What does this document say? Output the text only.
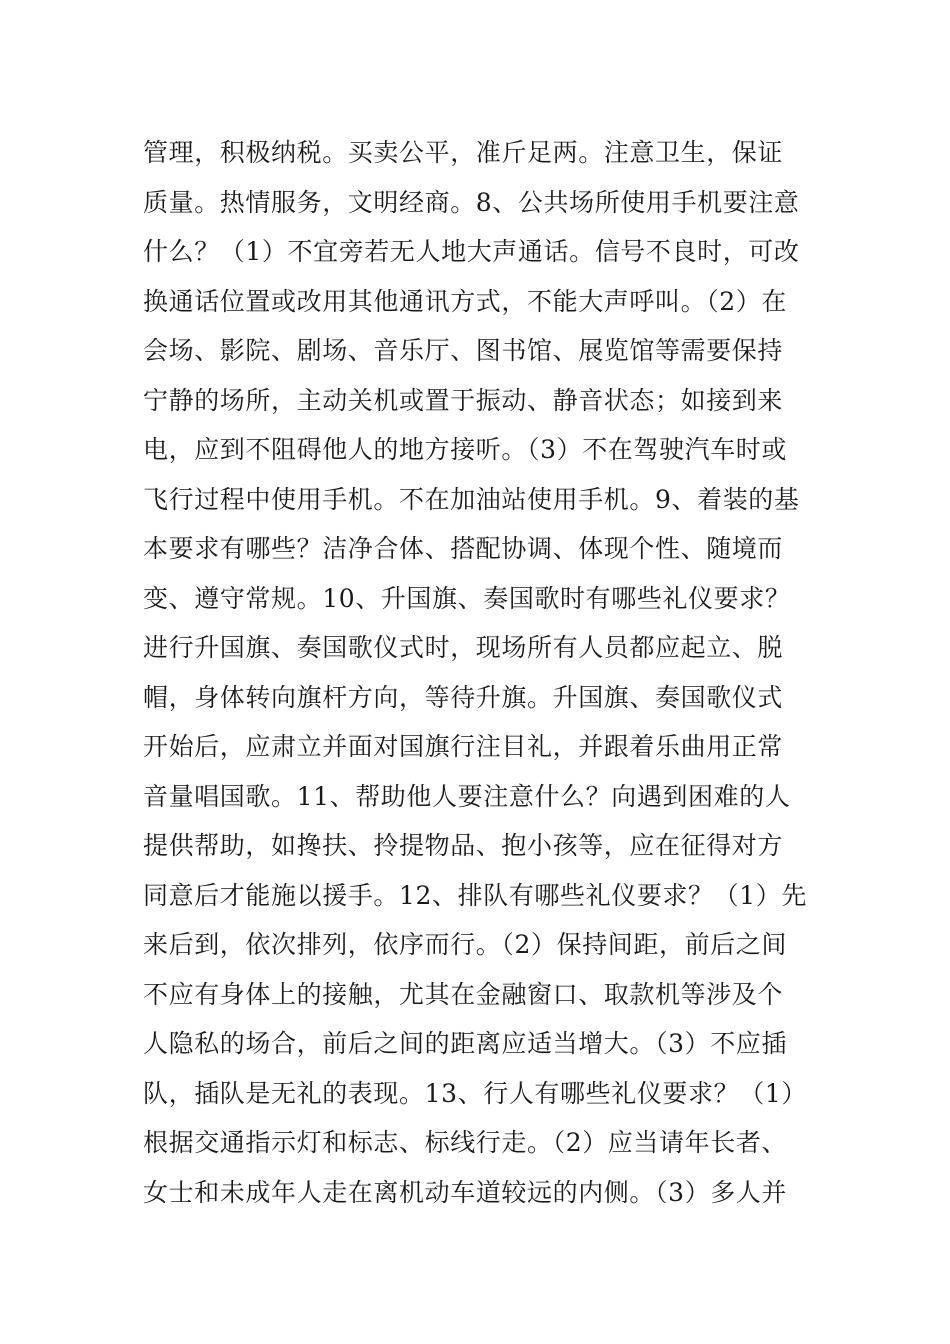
管理，积极纳税。买卖公平，准斤足两。注意卫生，保证
质量。热情服务，文明经商。8、公共场所使用手机要注意
什么？（1）不宜旁若无人地大声通话。信号不良时，可改
换通话位置或改用其他通讯方式，不能大声呼叫。（2）在
会场、影院、剧场、音乐厅、图书馆、展览馆等需要保持
宁静的场所，主动关机或置于振动、静音状态；如接到来
电，应到不阻碍他人的地方接听。（3）不在驾驶汽车时或
飞行过程中使用手机。不在加油站使用手机。9、着装的基
本要求有哪些？洁净合体、搭配协调、体现个性、随境而
变、遵守常规。10、升国旗、奏国歌时有哪些礼仪要求？
进行升国旗、奏国歌仪式时，现场所有人员都应起立、脱
帽，身体转向旗杆方向，等待升旗。升国旗、奏国歌仪式
开始后，应肃立并面对国旗行注目礼，并跟着乐曲用正常
音量唱国歌。11、帮助他人要注意什么？向遇到困难的人
提供帮助，如搀扶、拎提物品、抱小孩等，应在征得对方
同意后才能施以援手。12、排队有哪些礼仪要求？（1）先
来后到，依次排列，依序而行。（2）保持间距，前后之间
不应有身体上的接触，尤其在金融窗口、取款机等涉及个
人隐私的场合，前后之间的距离应适当增大。（3）不应插
队，插队是无礼的表现。13、行人有哪些礼仪要求？（1）
根据交通指示灯和标志、标线行走。（2）应当请年长者、
女士和未成年人走在离机动车道较远的内侧。（3）多人并
